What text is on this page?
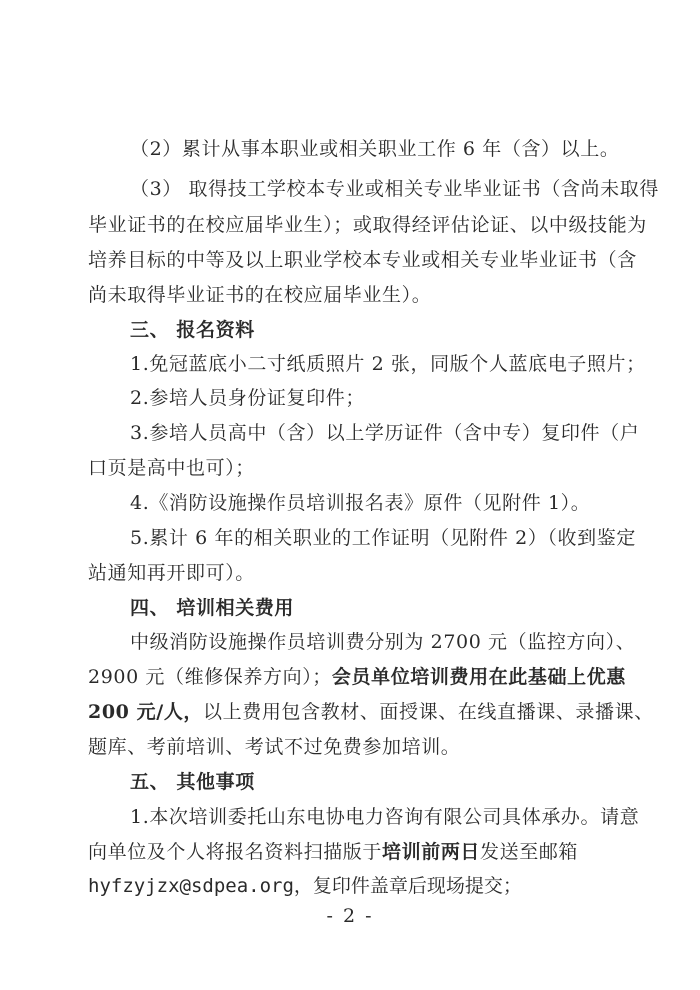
（2）累计从事本职业或相关职业工作 6 年（含）以上。
（3） 取得技工学校本专业或相关专业毕业证书（含尚未取得
毕业证书的在校应届毕业生）；或取得经评估论证、以中级技能为
培养目标的中等及以上职业学校本专业或相关专业毕业证书（含
尚未取得毕业证书的在校应届毕业生）。
三、 报名资料
1.免冠蓝底小二寸纸质照片 2 张，同版个人蓝底电子照片；
2.参培人员身份证复印件；
3.参培人员高中（含）以上学历证件（含中专）复印件（户
口页是高中也可）；
4.《消防设施操作员培训报名表》原件（见附件 1）。
5.累计 6 年的相关职业的工作证明（见附件 2）（收到鉴定
站通知再开即可）。
四、 培训相关费用
中级消防设施操作员培训费分别为 2700 元（监控方向）、
2900 元（维修保养方向）；会员单位培训费用在此基础上优惠
200 元/人，以上费用包含教材、面授课、在线直播课、录播课、
题库、考前培训、考试不过免费参加培训。
五、 其他事项
1.本次培训委托山东电协电力咨询有限公司具体承办。请意
向单位及个人将报名资料扫描版于培训前两日发送至邮箱
hyfzyjzx@sdpea.org，复印件盖章后现场提交；
- 2 -
